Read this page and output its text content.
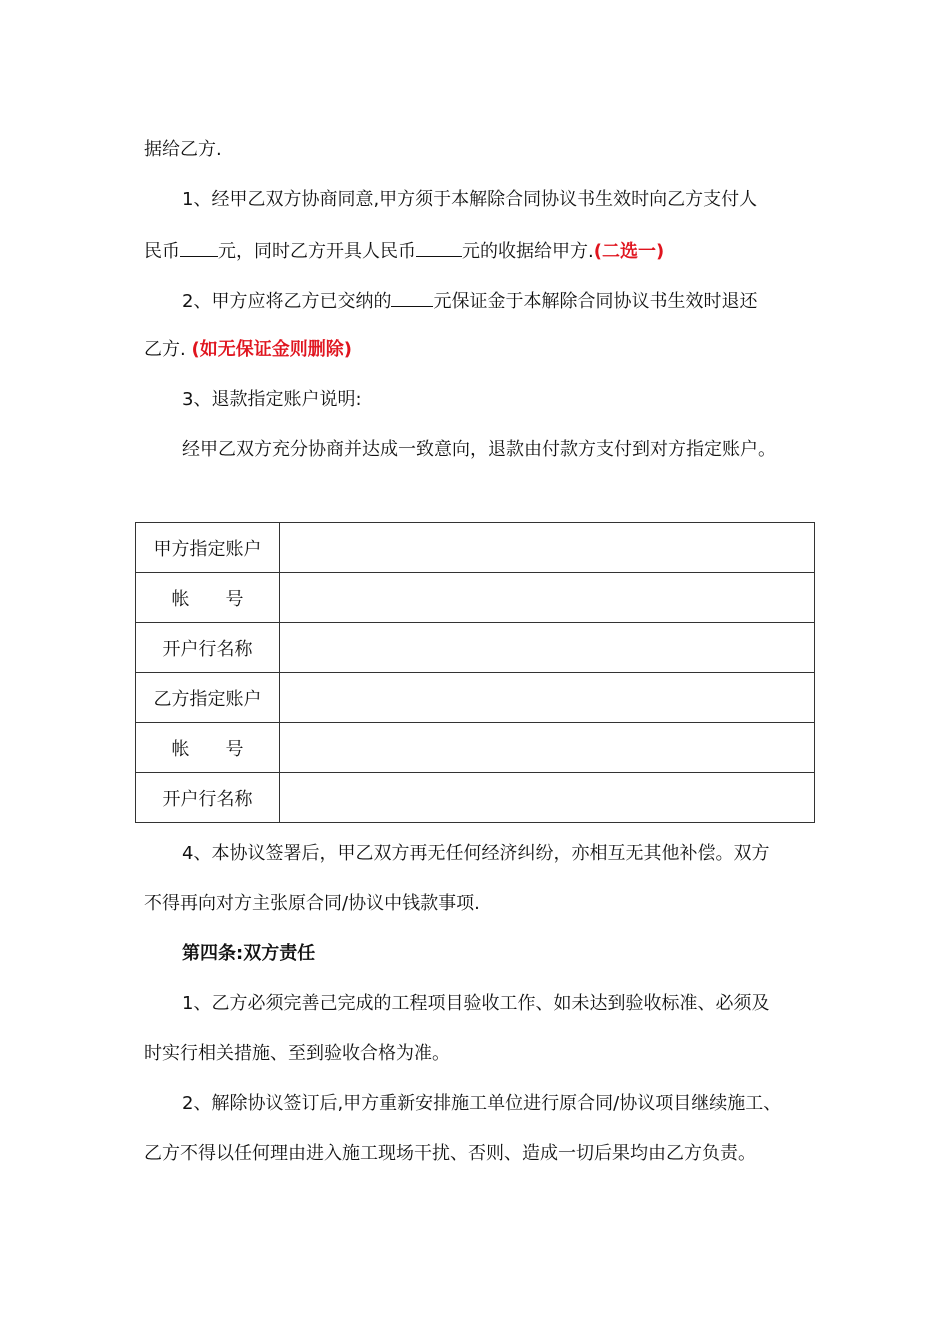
据给乙方.
1、经甲乙双方协商同意,甲方须于本解除合同协议书生效时向乙方支付人
民币 元，同时乙方开具人民币	元的收据给甲方.(二选一)
2、甲方应将乙方已交纳的 元保证金于本解除合同协议书生效时退还
乙方. (如无保证金则删除)
3、退款指定账户说明:
经甲乙双方充分协商并达成一致意向，退款由付款方支付到对方指定账户。
甲方指定账户	
帐　　号	
开户行名称	
乙方指定账户	
帐　　号	
开户行名称	
4、本协议签署后，甲乙双方再无任何经济纠纷，亦相互无其他补偿。双方
不得再向对方主张原合同/协议中钱款事项.
第四条:双方责任
1、乙方必须完善己完成的工程项目验收工作、如未达到验收标准、必须及
时实行相关措施、至到验收合格为准。
2、解除协议签订后,甲方重新安排施工单位进行原合同/协议项目继续施工、
乙方不得以任何理由进入施工现场干扰、否则、造成一切后果均由乙方负责。
